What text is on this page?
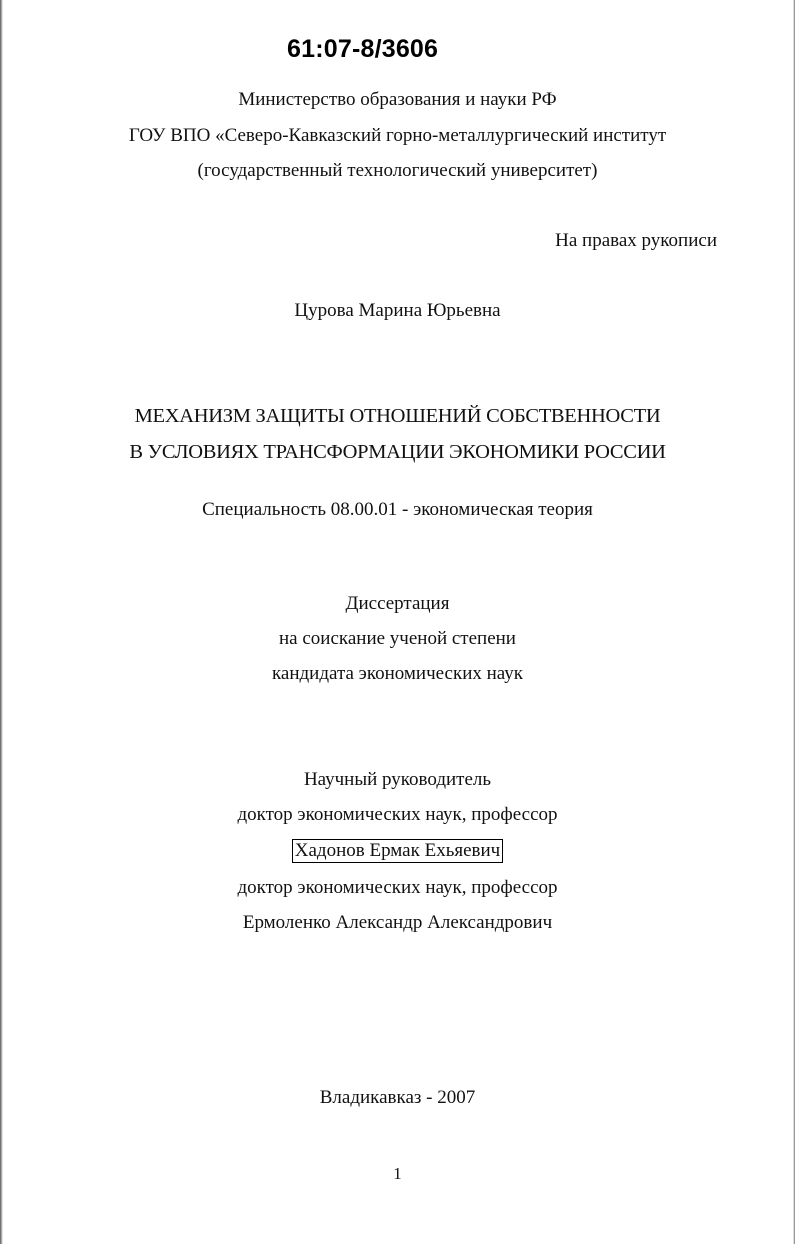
61:07-8/3606
Министерство образования и науки РФ
ГОУ ВПО «Северо-Кавказский горно-металлургический институт
(государственный технологический университет)
На правах рукописи
Цурова Марина Юрьевна
МЕХАНИЗМ ЗАЩИТЫ ОТНОШЕНИЙ СОБСТВЕННОСТИ
В УСЛОВИЯХ ТРАНСФОРМАЦИИ ЭКОНОМИКИ РОССИИ
Специальность 08.00.01 - экономическая теория
Диссертация
на соискание ученой степени
кандидата экономических наук
Научный руководитель
доктор экономических наук, профессор
Хадонов Ермак Ехьяевич
доктор экономических наук, профессор
Ермоленко Александр Александрович
Владикавказ - 2007
1
